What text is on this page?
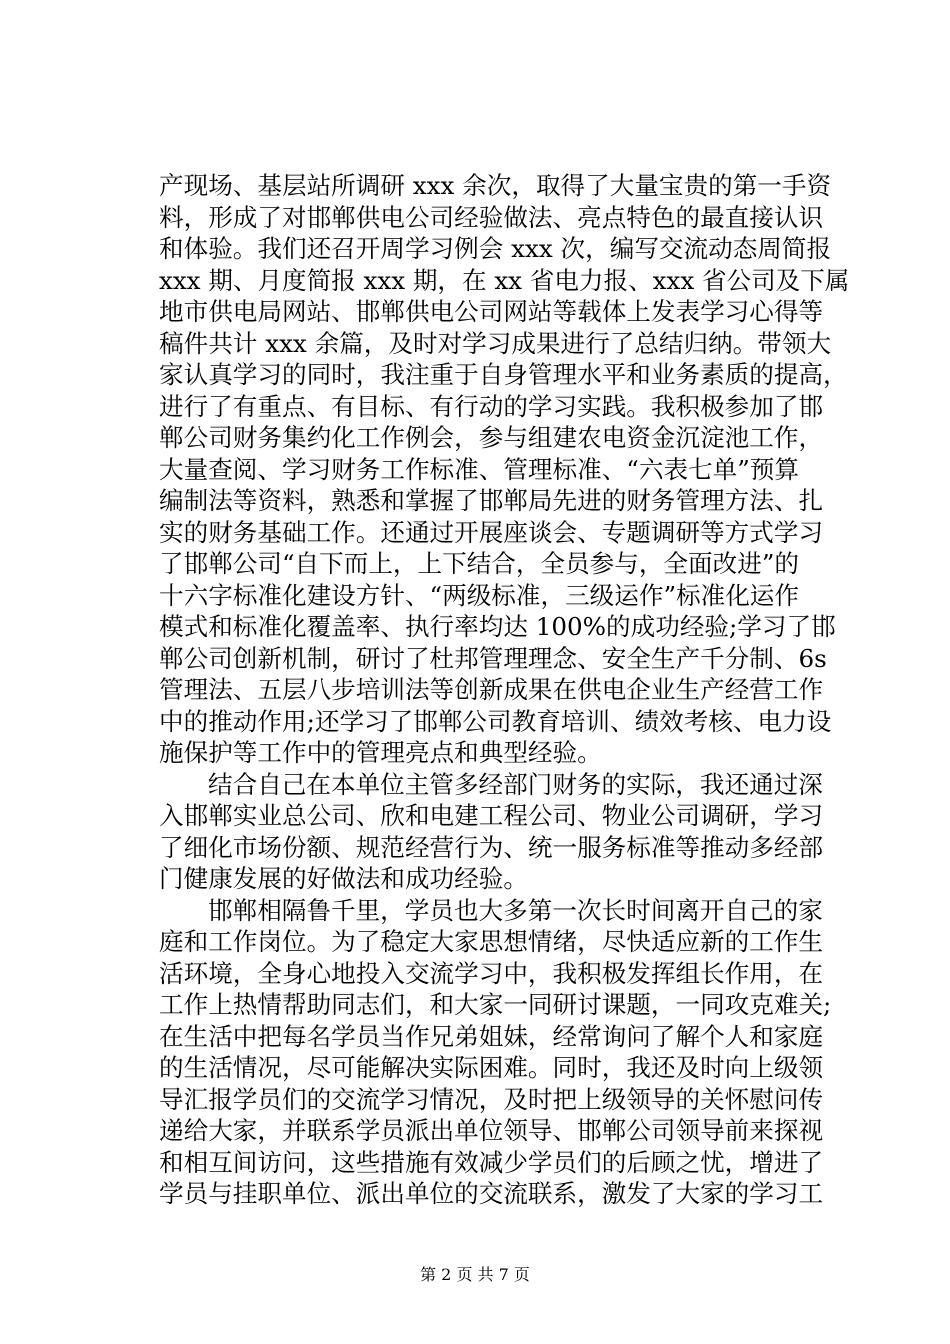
产现场、基层站所调研 xxx 余次，取得了大量宝贵的第一手资
料，形成了对邯郸供电公司经验做法、亮点特色的最直接认识
和体验。我们还召开周学习例会 xxx 次，编写交流动态周简报
xxx 期、月度简报 xxx 期，在 xx 省电力报、xxx 省公司及下属
地市供电局网站、邯郸供电公司网站等载体上发表学习心得等
稿件共计 xxx 余篇，及时对学习成果进行了总结归纳。带领大
家认真学习的同时，我注重于自身管理水平和业务素质的提高，
进行了有重点、有目标、有行动的学习实践。我积极参加了邯
郸公司财务集约化工作例会，参与组建农电资金沉淀池工作，
大量查阅、学习财务工作标准、管理标准、“六表七单”预算
编制法等资料，熟悉和掌握了邯郸局先进的财务管理方法、扎
实的财务基础工作。还通过开展座谈会、专题调研等方式学习
了邯郸公司“自下而上，上下结合，全员参与，全面改进”的
十六字标准化建设方针、“两级标准，三级运作”标准化运作
模式和标准化覆盖率、执行率均达 100%的成功经验;学习了邯
郸公司创新机制，研讨了杜邦管理理念、安全生产千分制、6s
管理法、五层八步培训法等创新成果在供电企业生产经营工作
中的推动作用;还学习了邯郸公司教育培训、绩效考核、电力设
施保护等工作中的管理亮点和典型经验。
结合自己在本单位主管多经部门财务的实际，我还通过深
入邯郸实业总公司、欣和电建工程公司、物业公司调研，学习
了细化市场份额、规范经营行为、统一服务标准等推动多经部
门健康发展的好做法和成功经验。
邯郸相隔鲁千里，学员也大多第一次长时间离开自己的家
庭和工作岗位。为了稳定大家思想情绪，尽快适应新的工作生
活环境，全身心地投入交流学习中，我积极发挥组长作用，在
工作上热情帮助同志们，和大家一同研讨课题，一同攻克难关;
在生活中把每名学员当作兄弟姐妹，经常询问了解个人和家庭
的生活情况，尽可能解决实际困难。同时，我还及时向上级领
导汇报学员们的交流学习情况，及时把上级领导的关怀慰问传
递给大家，并联系学员派出单位领导、邯郸公司领导前来探视
和相互间访问，这些措施有效减少学员们的后顾之忧，增进了
学员与挂职单位、派出单位的交流联系，激发了大家的学习工
第 2 页 共 7 页
